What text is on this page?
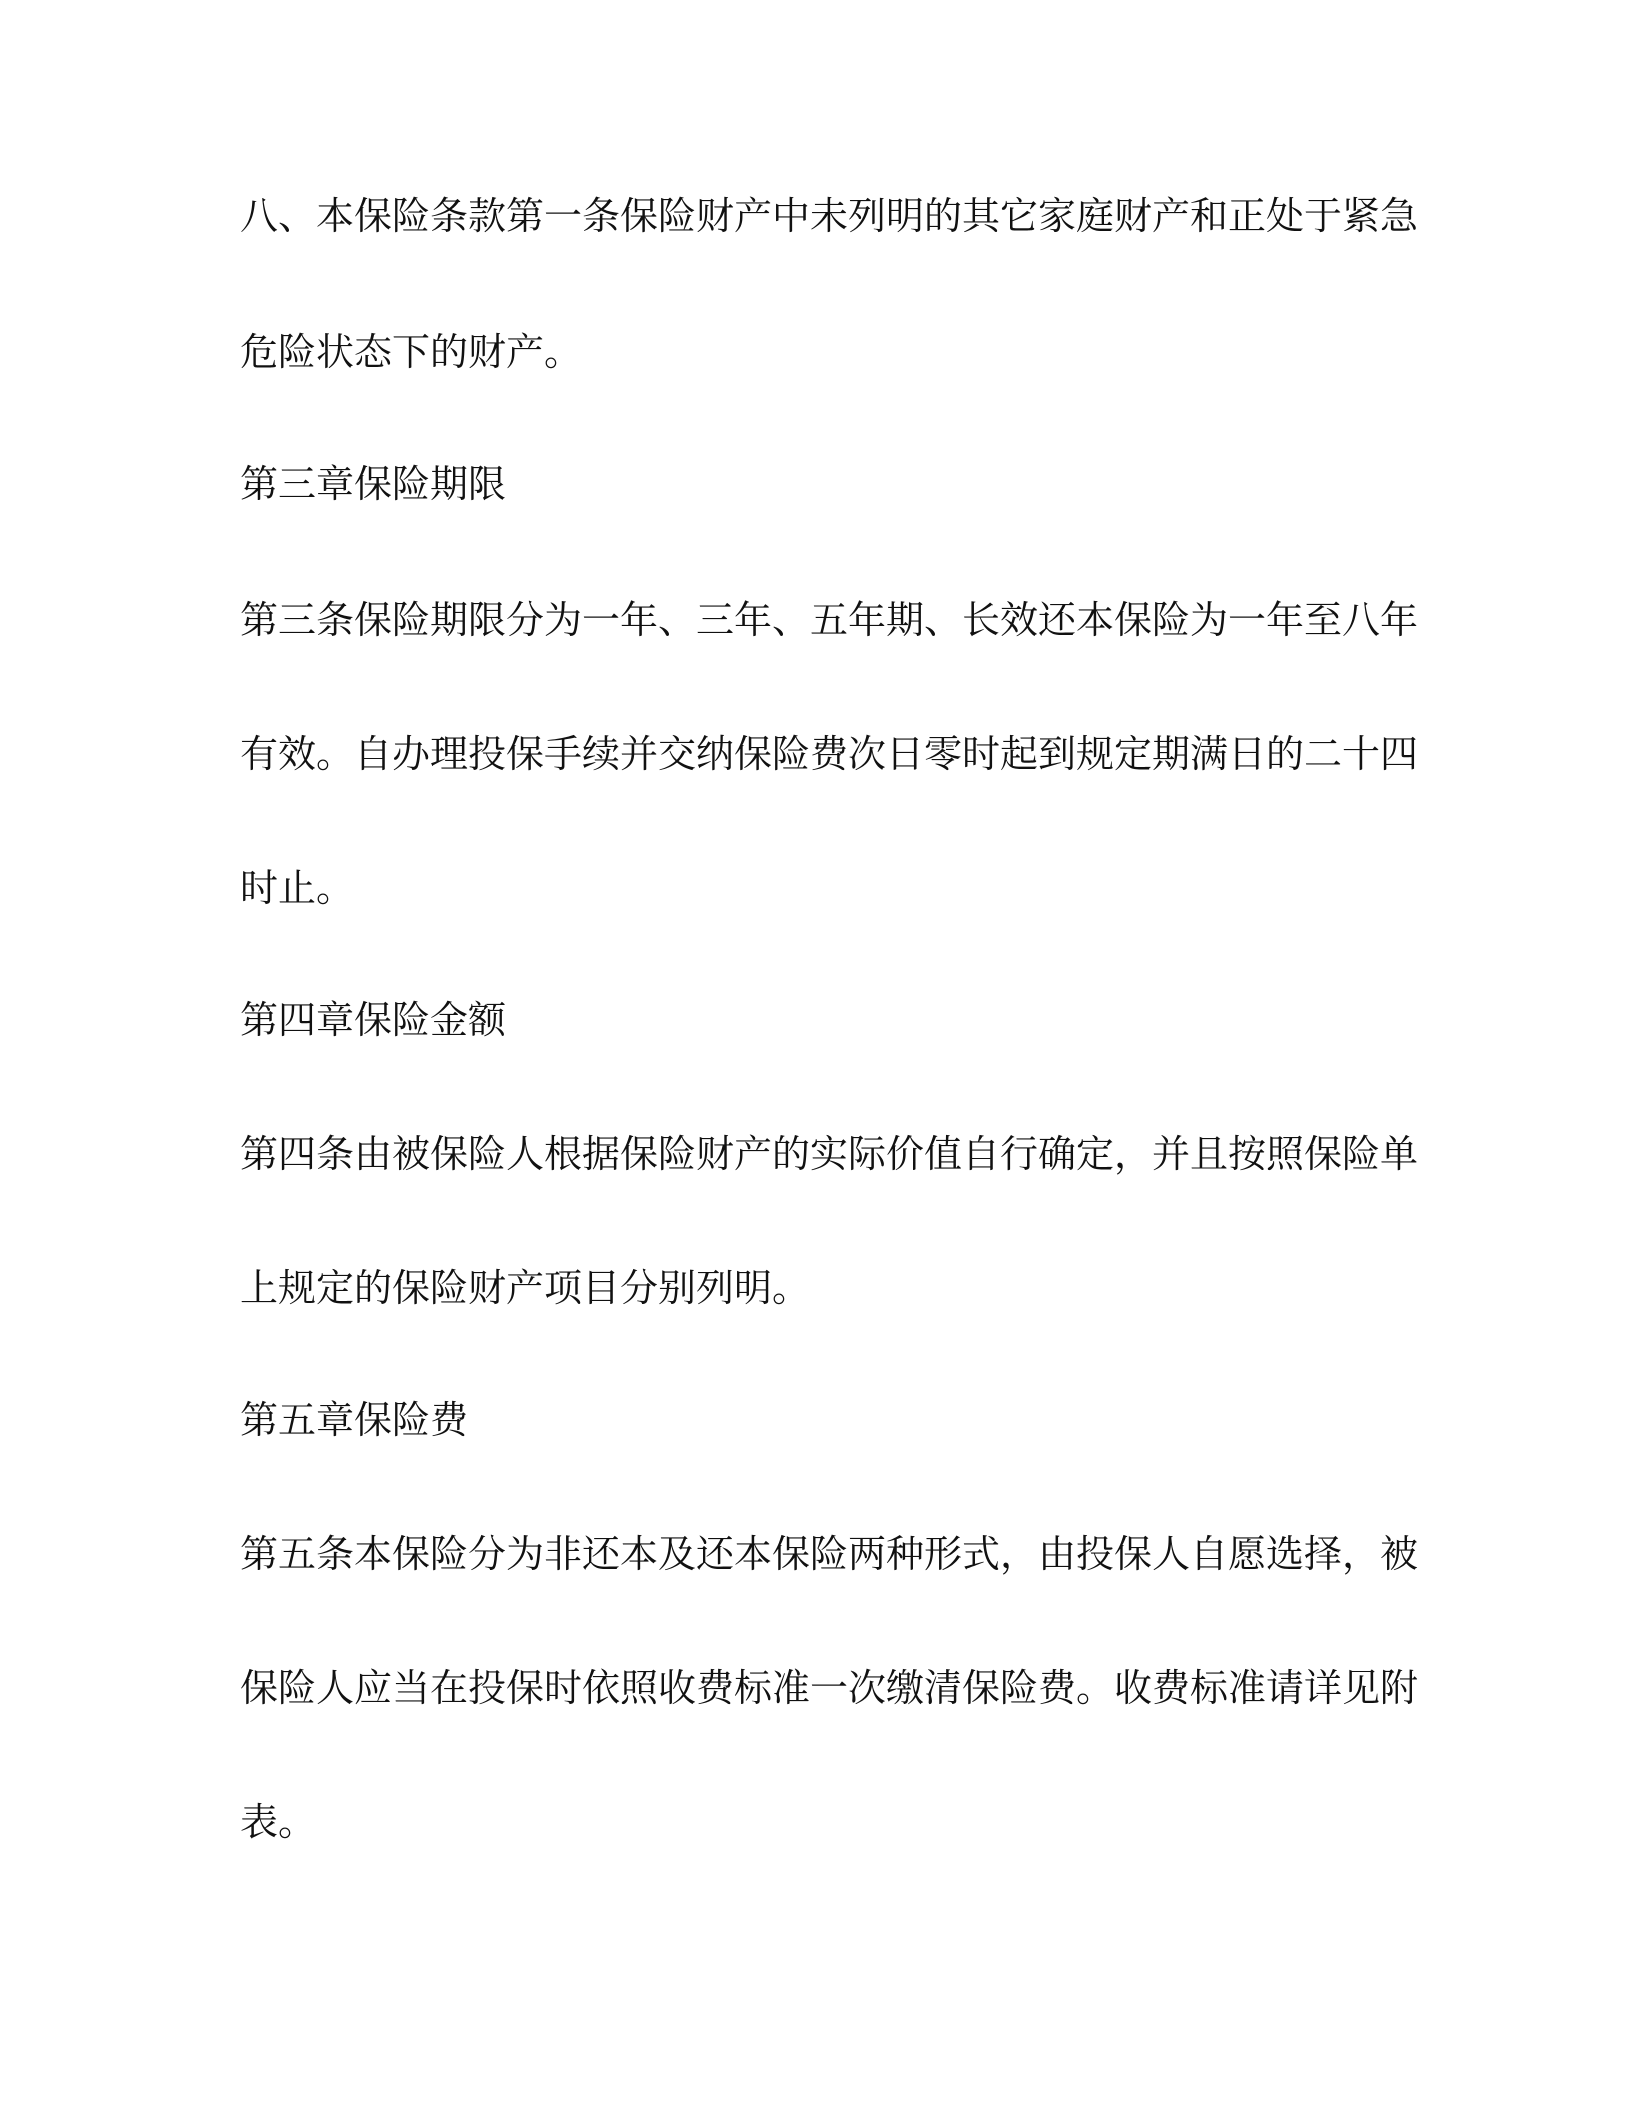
八、本保险条款第一条保险财产中未列明的其它家庭财产和正处于紧急
危险状态下的财产。
第三章保险期限
第三条保险期限分为一年、三年、五年期、长效还本保险为一年至八年
有效。自办理投保手续并交纳保险费次日零时起到规定期满日的二十四
时止。
第四章保险金额
第四条由被保险人根据保险财产的实际价值自行确定，并且按照保险单
上规定的保险财产项目分别列明。
第五章保险费
第五条本保险分为非还本及还本保险两种形式，由投保人自愿选择，被
保险人应当在投保时依照收费标准一次缴清保险费。收费标准请详见附
表。
